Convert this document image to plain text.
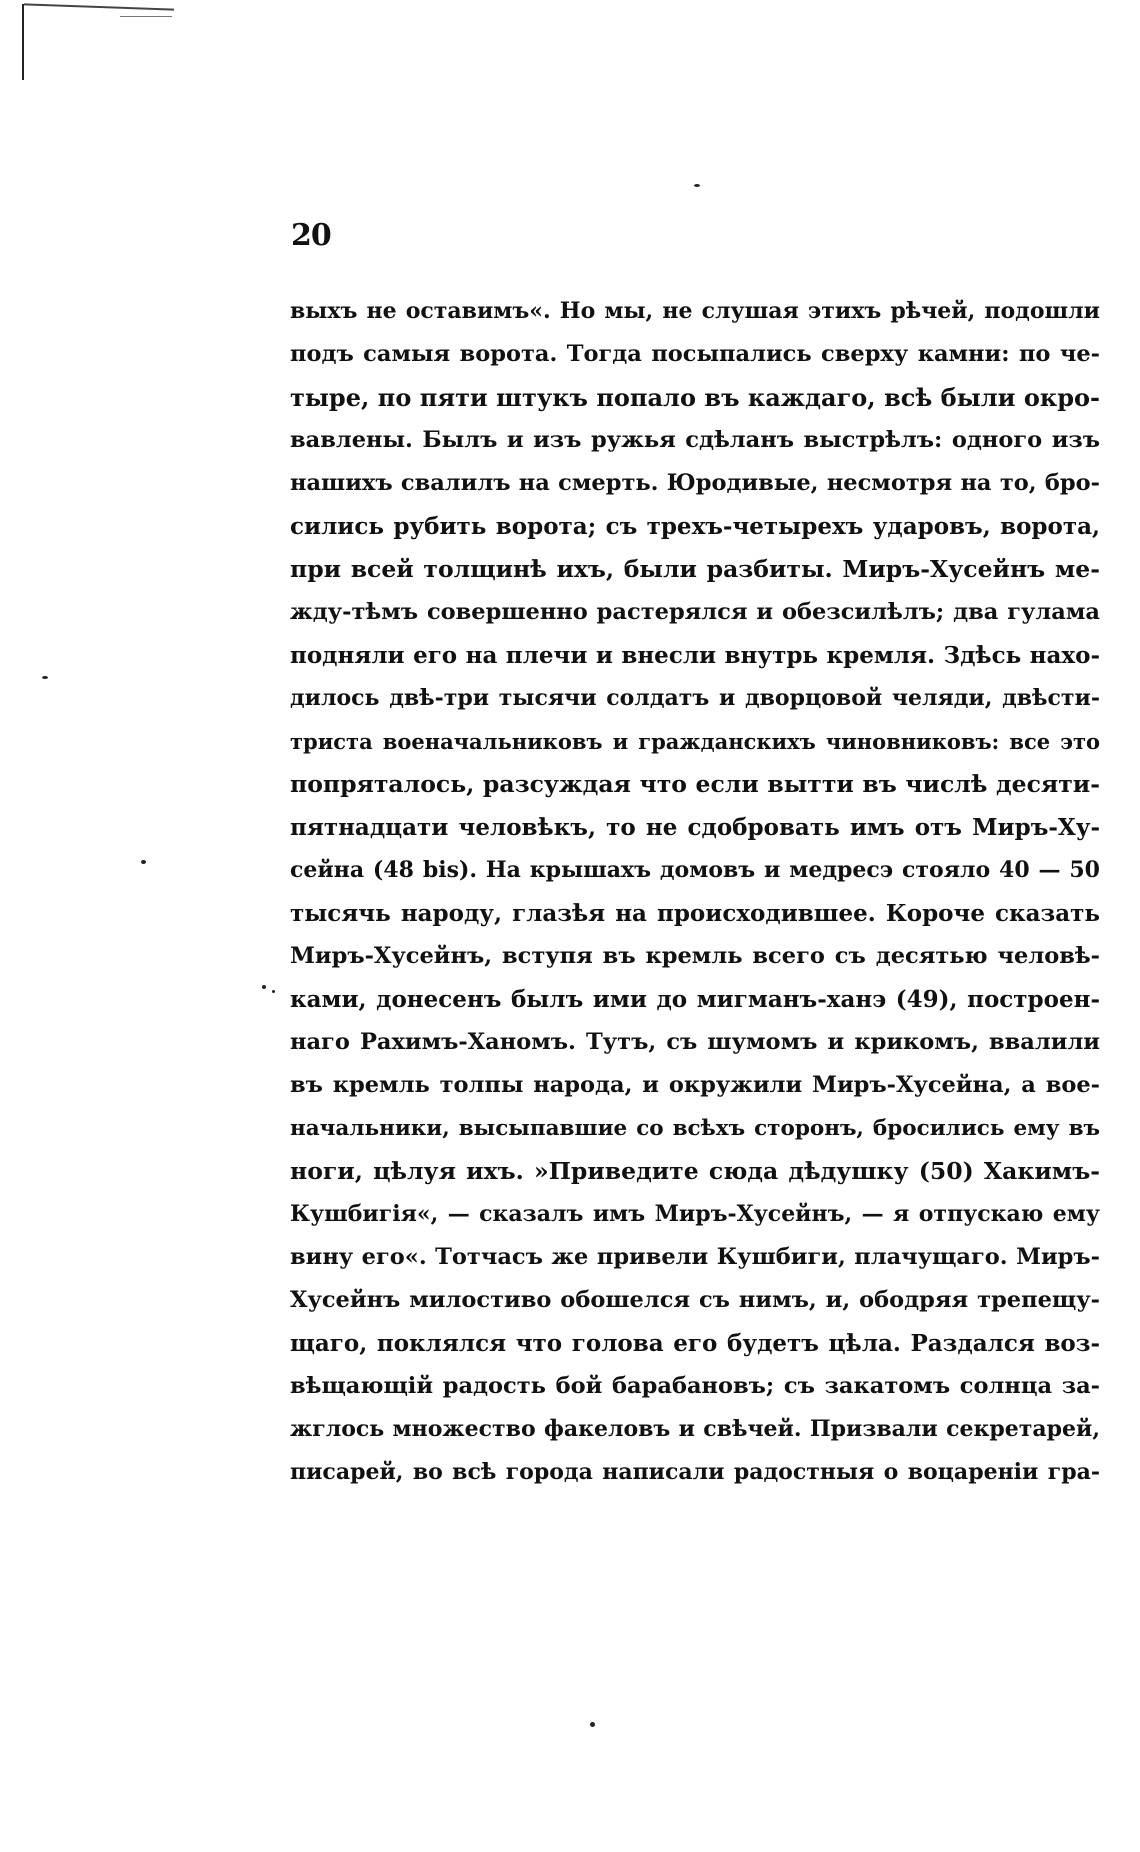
20
выхъ не оставимъ«. Но мы, не слушая этихъ рѣчей, подошли
подъ самыя ворота. Тогда посыпались сверху камни: по че-
тыре, по пяти штукъ попало въ каждаго, всѣ были окро-
вавлены. Былъ и изъ ружья сдѣланъ выстрѣлъ: одного изъ
нашихъ свалилъ на смерть. Юродивые, несмотря на то, бро-
сились рубить ворота; съ трехъ-четырехъ ударовъ, ворота,
при всей толщинѣ ихъ, были разбиты. Миръ-Хусейнъ ме-
жду-тѣмъ совершенно растерялся и обезсилѣлъ; два гулама
подняли его на плечи и внесли внутрь кремля. Здѣсь нахо-
дилось двѣ-три тысячи солдатъ и дворцовой челяди, двѣсти-
триста военачальниковъ и гражданскихъ чиновниковъ: все это
попряталось, разсуждая что если вытти въ числѣ десяти-
пятнадцати человѣкъ, то не сдобровать имъ отъ Миръ-Ху-
сейна (48 bis). На крышахъ домовъ и медресэ стояло 40 — 50
тысячь народу, глазѣя на происходившее. Короче сказать
Миръ-Хусейнъ, вступя въ кремль всего съ десятью человѣ-
ками, донесенъ былъ ими до мигманъ-ханэ (49), построен-
наго Рахимъ-Ханомъ. Тутъ, съ шумомъ и крикомъ, ввалили
въ кремль толпы народа, и окружили Миръ-Хусейна, а воe-
начальники, высыпавшие со всѣхъ сторонъ, бросились ему въ
ноги, цѣлуя ихъ. »Приведите сюда дѣдушку (50) Хакимъ-
Кушбигія«, — сказалъ имъ Миръ-Хусейнъ, — я отпускаю ему
вину его«. Тотчасъ же привели Кушбиги, плачущаго. Миръ-
Хусейнъ милостиво обошелся съ нимъ, и, ободряя трепещу-
щаго, поклялся что голова его будетъ цѣла. Раздался воз-
вѣщающій радость бой барабановъ; съ закатомъ солнца за-
жглось множество факеловъ и свѣчей. Призвали секретарей,
писарей, во всѣ города написали радостныя о воцареніи гра-
